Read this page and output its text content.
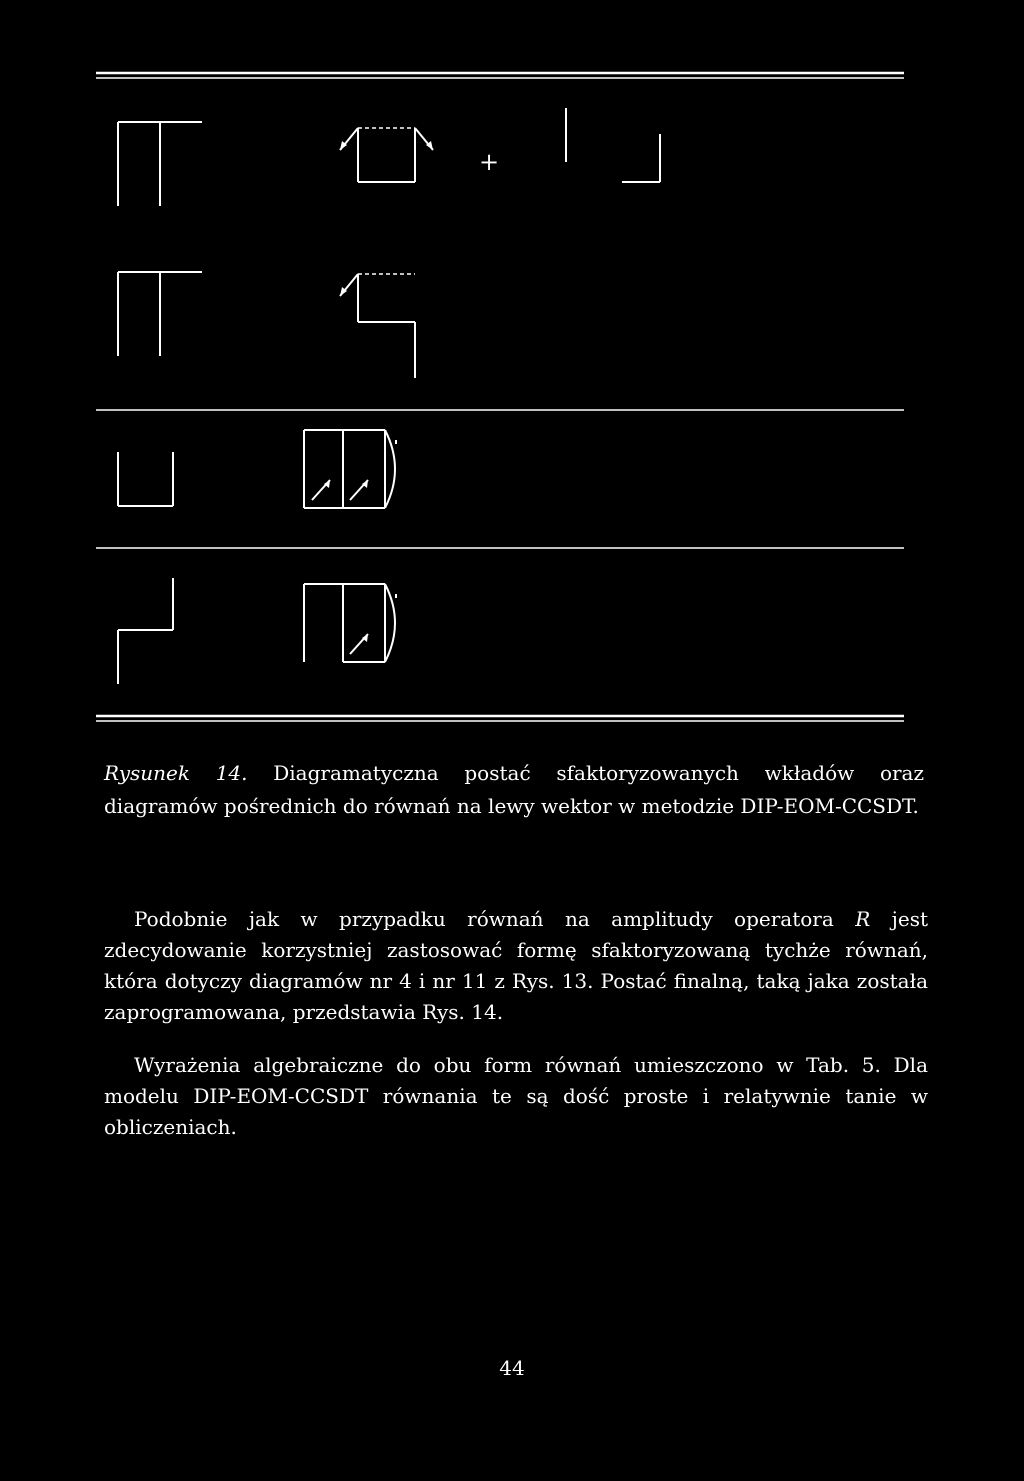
+
Rysunek 14. Diagramatyczna postać sfaktoryzowanych wkładów oraz diagramów pośrednich do równań na lewy wektor w metodzie DIP-EOM-CCSDT.

Podobnie jak w przypadku równań na amplitudy operatora R jest zdecydowanie korzystniej zastosować formę sfaktoryzowaną tychże równań, która dotyczy diagramów nr 4 i nr 11 z Rys. 13. Postać finalną, taką jaka została zaprogramowana, przedstawia Rys. 14.

Wyrażenia algebraiczne do obu form równań umieszczono w Tab. 5. Dla modelu DIP-EOM-CCSDT równania te są dość proste i relatywnie tanie w obliczeniach.

44
